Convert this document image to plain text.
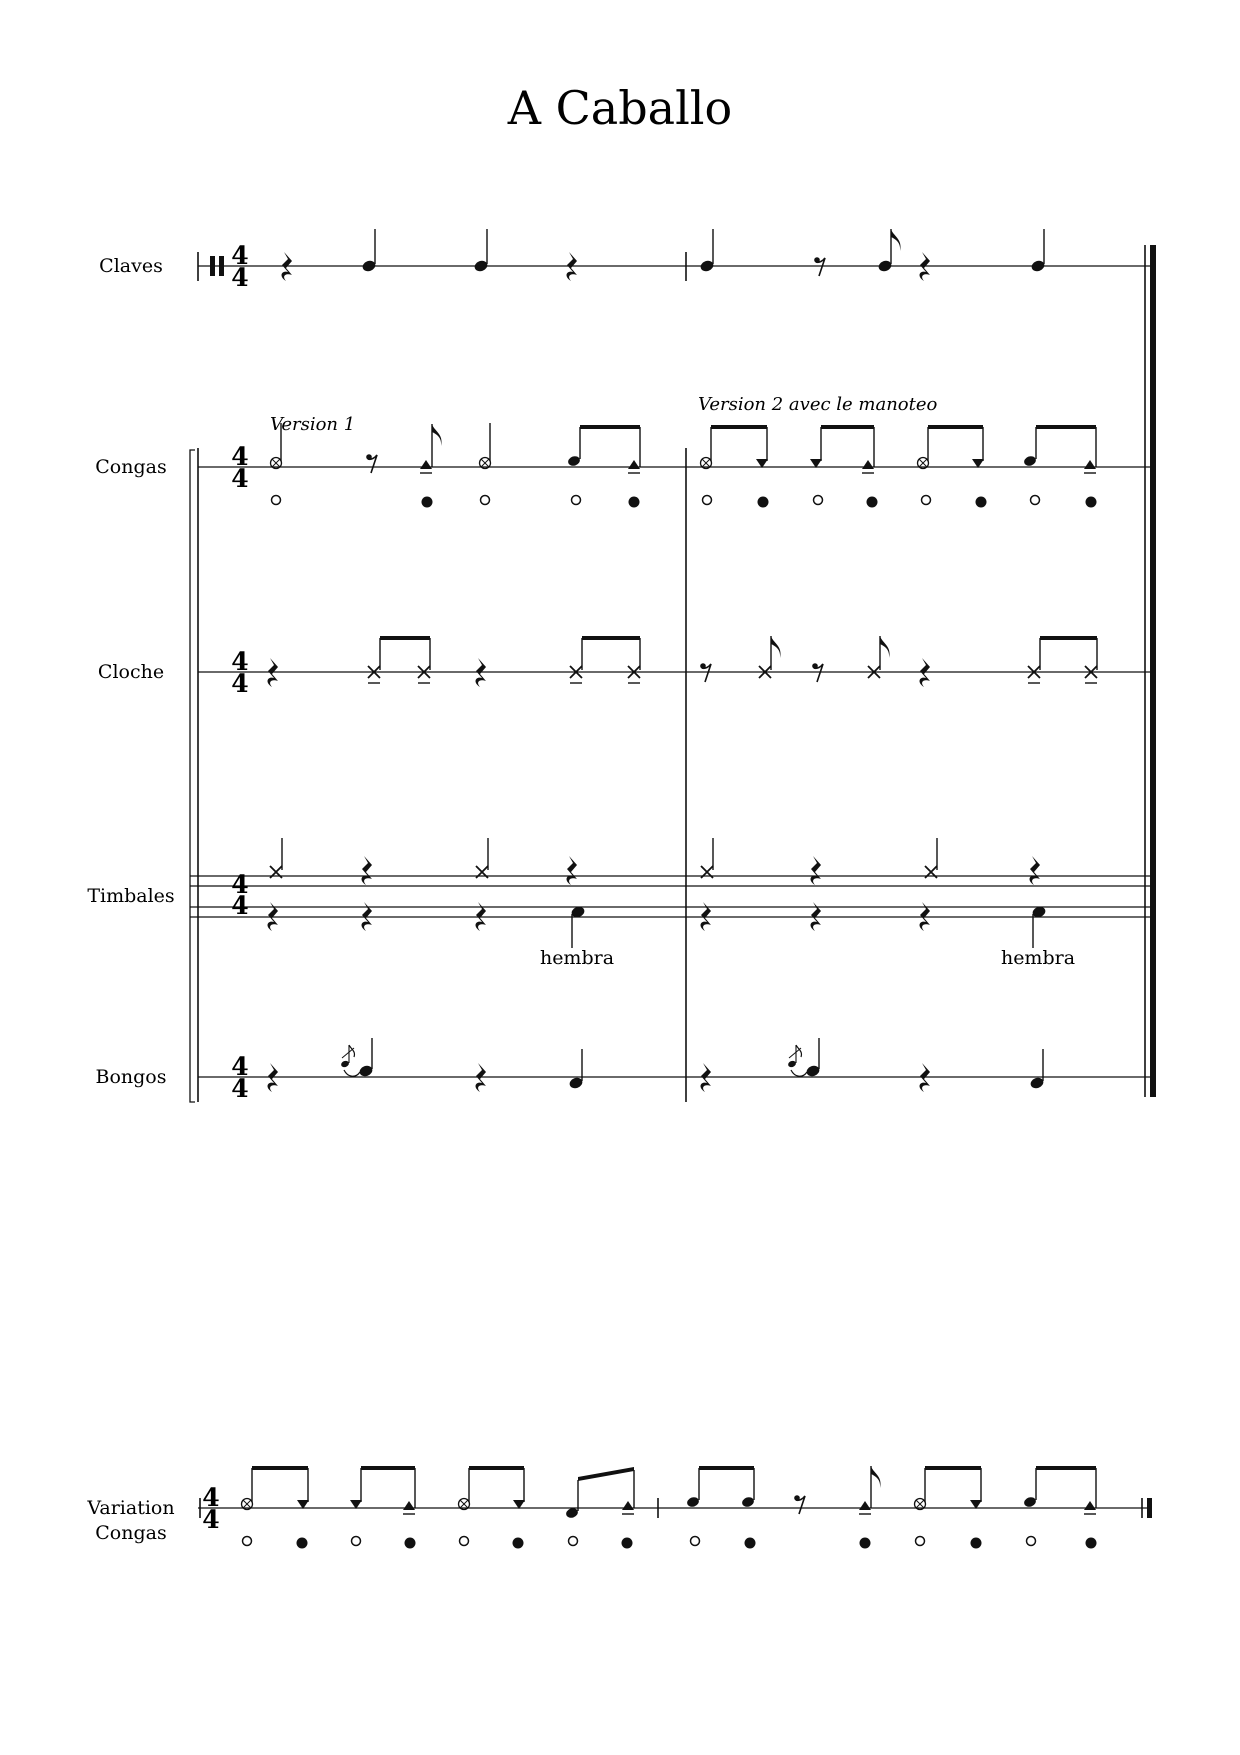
A Caballo
Claves
Congas
Cloche
Timbales
Bongos
4
4
Version 1
Version 2 avec le manoteo
4
4
4
4
4
4
hembra	hembra
4
4
Variation
Congas
4
4
